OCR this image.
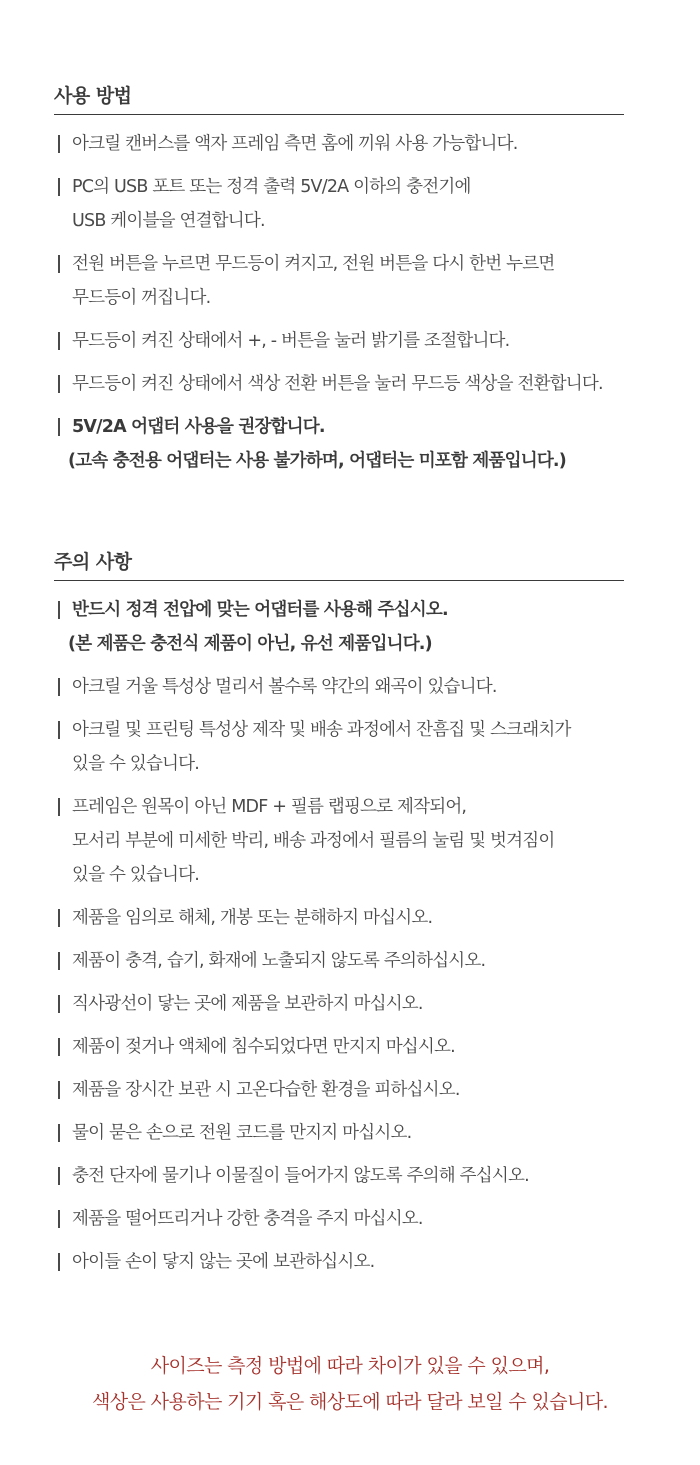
사용 방법
아크릴 캔버스를 액자 프레임 측면 홈에 끼워 사용 가능합니다.
PC의 USB 포트 또는 정격 출력 5V/2A 이하의 충전기에
USB 케이블을 연결합니다.
전원 버튼을 누르면 무드등이 켜지고, 전원 버튼을 다시 한번 누르면
무드등이 꺼집니다.
무드등이 켜진 상태에서 +, - 버튼을 눌러 밝기를 조절합니다.
무드등이 켜진 상태에서 색상 전환 버튼을 눌러 무드등 색상을 전환합니다.
5V/2A 어댑터 사용을 권장합니다.
(고속 충전용 어댑터는 사용 불가하며, 어댑터는 미포함 제품입니다.)
주의 사항
반드시 정격 전압에 맞는 어댑터를 사용해 주십시오.
(본 제품은 충전식 제품이 아닌, 유선 제품입니다.)
아크릴 거울 특성상 멀리서 볼수록 약간의 왜곡이 있습니다.
아크릴 및 프린팅 특성상 제작 및 배송 과정에서 잔흠집 및 스크래치가
있을 수 있습니다.
프레임은 원목이 아닌 MDF + 필름 랩핑으로 제작되어,
모서리 부분에 미세한 박리, 배송 과정에서 필름의 눌림 및 벗겨짐이
있을 수 있습니다.
제품을 임의로 해체, 개봉 또는 분해하지 마십시오.
제품이 충격, 습기, 화재에 노출되지 않도록 주의하십시오.
직사광선이 닿는 곳에 제품을 보관하지 마십시오.
제품이 젖거나 액체에 침수되었다면 만지지 마십시오.
제품을 장시간 보관 시 고온다습한 환경을 피하십시오.
물이 묻은 손으로 전원 코드를 만지지 마십시오.
충전 단자에 물기나 이물질이 들어가지 않도록 주의해 주십시오.
제품을 떨어뜨리거나 강한 충격을 주지 마십시오.
아이들 손이 닿지 않는 곳에 보관하십시오.
사이즈는 측정 방법에 따라 차이가 있을 수 있으며,
색상은 사용하는 기기 혹은 해상도에 따라 달라 보일 수 있습니다.
